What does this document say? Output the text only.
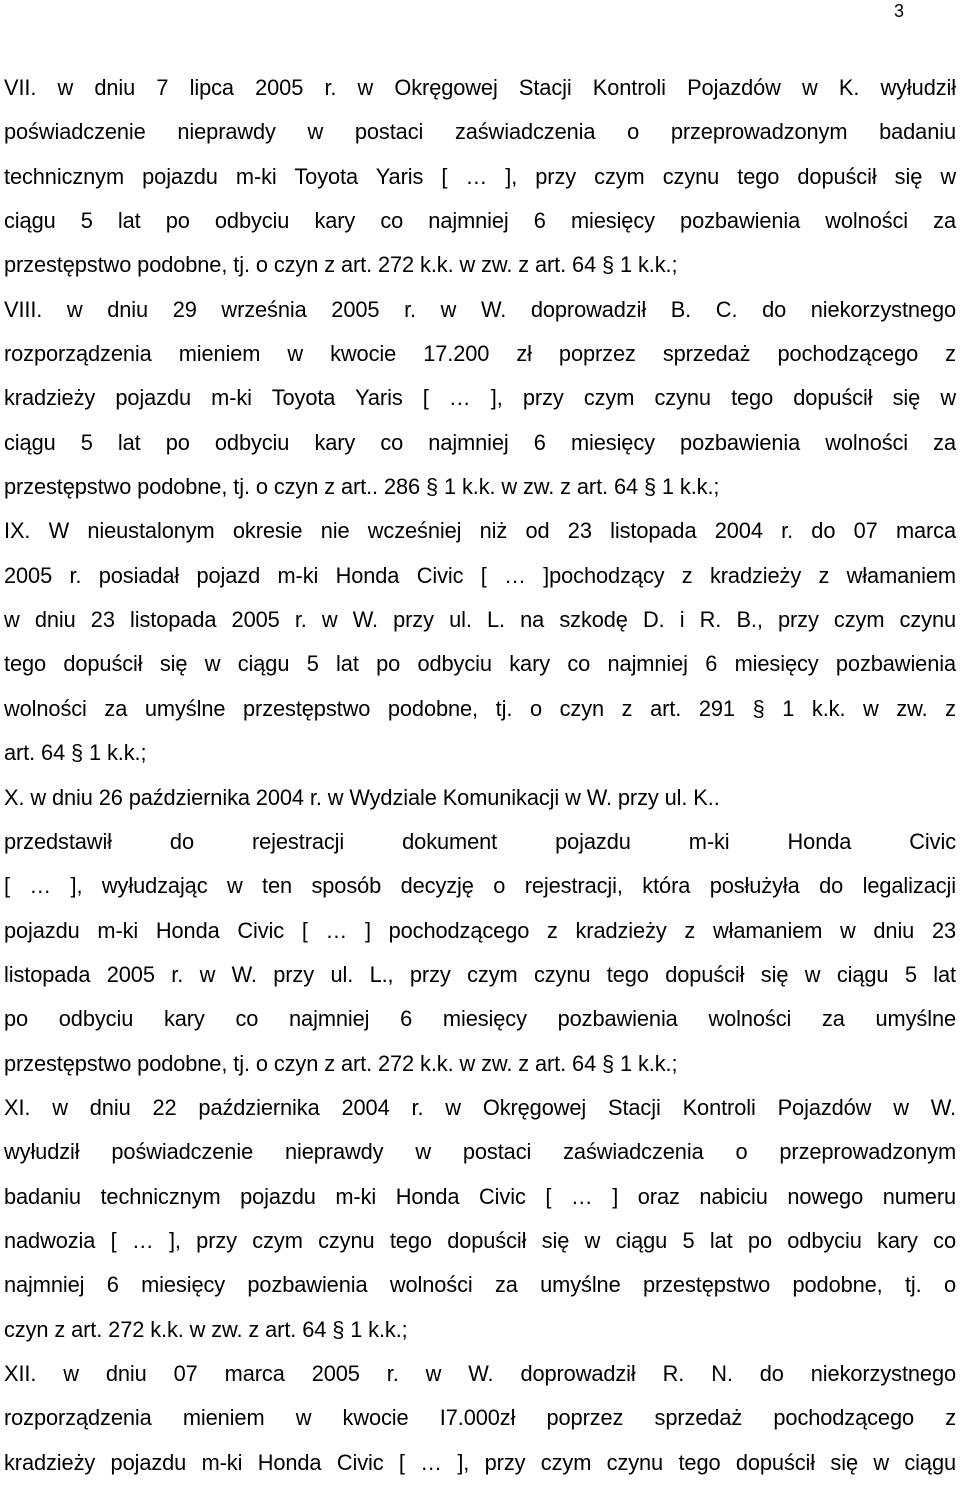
3
VII. w dniu 7 lipca 2005 r. w Okręgowej Stacji Kontroli Pojazdów w K. wyłudził
poświadczenie nieprawdy w postaci zaświadczenia o przeprowadzonym badaniu
technicznym pojazdu m-ki Toyota Yaris [ … ], przy czym czynu tego dopuścił się w
ciągu 5 lat po odbyciu kary co najmniej 6 miesięcy pozbawienia wolności za
przestępstwo podobne, tj. o czyn z art. 272 k.k. w zw. z art. 64 § 1 k.k.;
VIII. w dniu 29 września 2005 r. w W. doprowadził B. C. do niekorzystnego
rozporządzenia mieniem w kwocie 17.200 zł poprzez sprzedaż pochodzącego z
kradzieży pojazdu m-ki Toyota Yaris [ … ], przy czym czynu tego dopuścił się w
ciągu 5 lat po odbyciu kary co najmniej 6 miesięcy pozbawienia wolności za
przestępstwo podobne, tj. o czyn z art.. 286 § 1 k.k. w zw. z art. 64 § 1 k.k.;
IX. W nieustalonym okresie nie wcześniej niż od 23 listopada 2004 r. do 07 marca
2005 r. posiadał pojazd m-ki Honda Civic [ … ]pochodzący z kradzieży z włamaniem
w dniu 23 listopada 2005 r. w W. przy ul. L. na szkodę D. i R. B., przy czym czynu
tego dopuścił się w ciągu 5 lat po odbyciu kary co najmniej 6 miesięcy pozbawienia
wolności za umyślne przestępstwo podobne, tj. o czyn z art. 291 § 1 k.k. w zw. z
art. 64 § 1 k.k.;
X. w dniu 26 października 2004 r. w Wydziale Komunikacji w W. przy ul. K..
przedstawił do rejestracji dokument pojazdu m-ki Honda Civic
[ … ], wyłudzając w ten sposób decyzję o rejestracji, która posłużyła do legalizacji
pojazdu m-ki Honda Civic [ … ] pochodzącego z kradzieży z włamaniem w dniu 23
listopada 2005 r. w W. przy ul. L., przy czym czynu tego dopuścił się w ciągu 5 lat
po odbyciu kary co najmniej 6 miesięcy pozbawienia wolności za umyślne
przestępstwo podobne, tj. o czyn z art. 272 k.k. w zw. z art. 64 § 1 k.k.;
XI. w dniu 22 października 2004 r. w Okręgowej Stacji Kontroli Pojazdów w W.
wyłudził poświadczenie nieprawdy w postaci zaświadczenia o przeprowadzonym
badaniu technicznym pojazdu m-ki Honda Civic [ … ] oraz nabiciu nowego numeru
nadwozia [ … ], przy czym czynu tego dopuścił się w ciągu 5 lat po odbyciu kary co
najmniej 6 miesięcy pozbawienia wolności za umyślne przestępstwo podobne, tj. o
czyn z art. 272 k.k. w zw. z art. 64 § 1 k.k.;
XII. w dniu 07 marca 2005 r. w W. doprowadził R. N. do niekorzystnego
rozporządzenia mieniem w kwocie I7.000zł poprzez sprzedaż pochodzącego z
kradzieży pojazdu m-ki Honda Civic [ … ], przy czym czynu tego dopuścił się w ciągu
